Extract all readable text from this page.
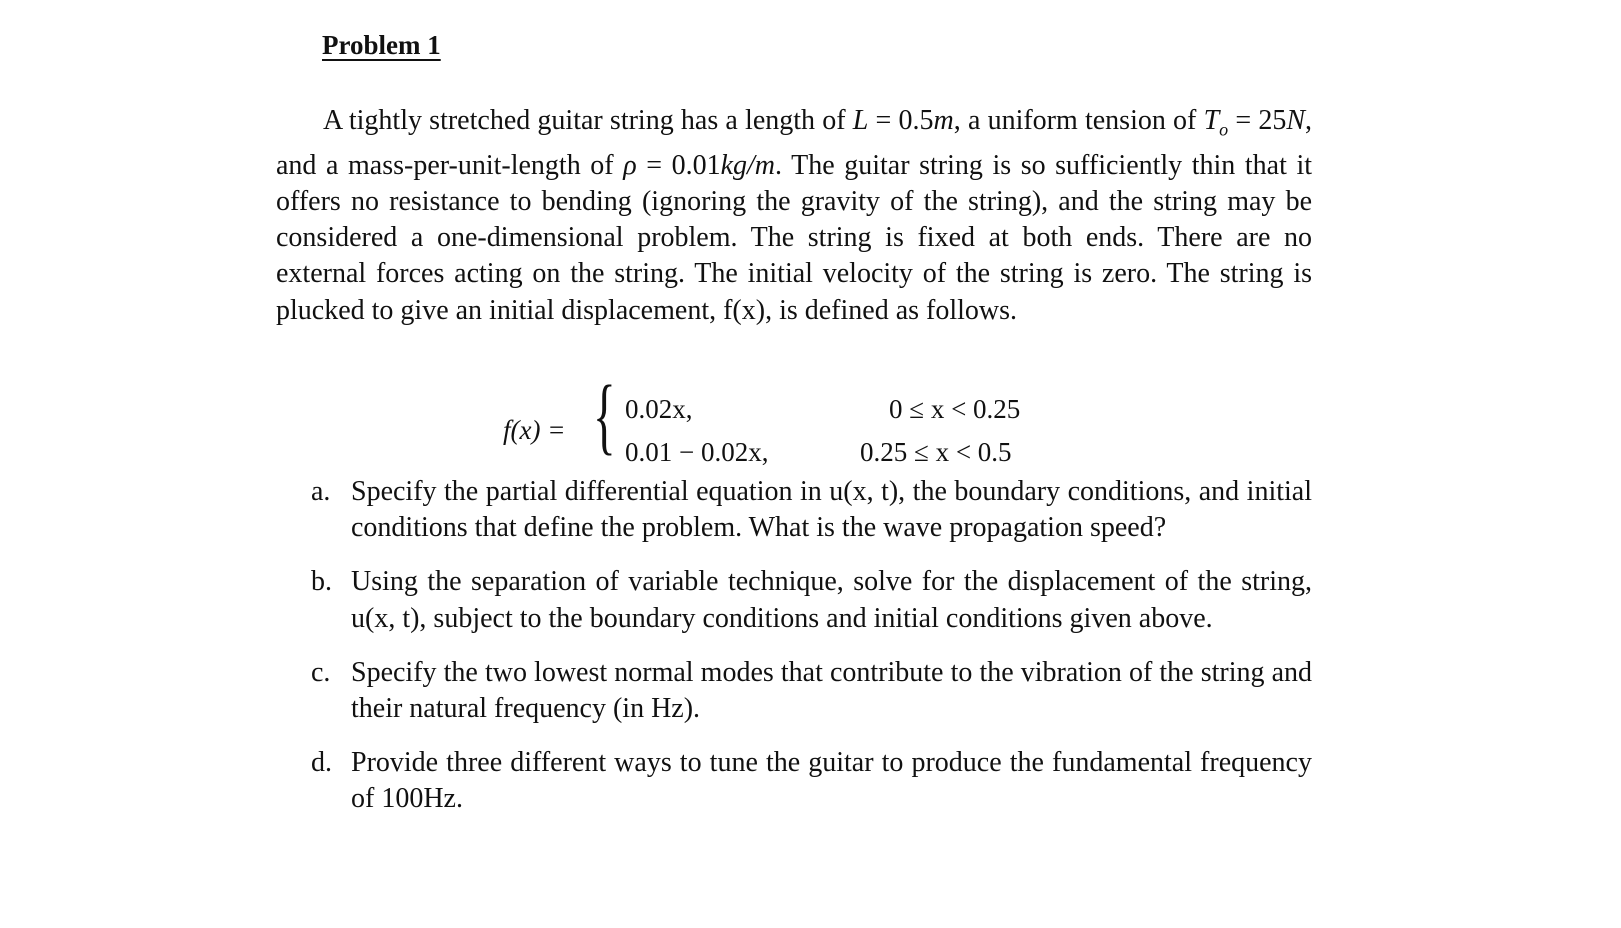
Problem 1

A tightly stretched guitar string has a length of L = 0.5m, a uniform tension of $T_o = 25N$, and a mass-per-unit-length of ρ = 0.01kg/m. The guitar string is so sufficiently thin that it offers no resistance to bending (ignoring the gravity of the string), and the string may be considered a one-dimensional problem. The string is fixed at both ends. There are no external forces acting on the string. The initial velocity of the string is zero. The string is plucked to give an initial displacement, f(x), is defined as follows.

f(x) = { 0.02x,	0 ≤ x < 0.25
0.01 − 0.02x,	0.25 ≤ x < 0.5
a. Specify the partial differential equation in u(x, t), the boundary conditions, and initial conditions that define the problem. What is the wave propagation speed?
b. Using the separation of variable technique, solve for the displacement of the string, u(x, t), subject to the boundary conditions and initial conditions given above.
c. Specify the two lowest normal modes that contribute to the vibration of the string and their natural frequency (in Hz).
d. Provide three different ways to tune the guitar to produce the fundamental frequency of 100Hz.
